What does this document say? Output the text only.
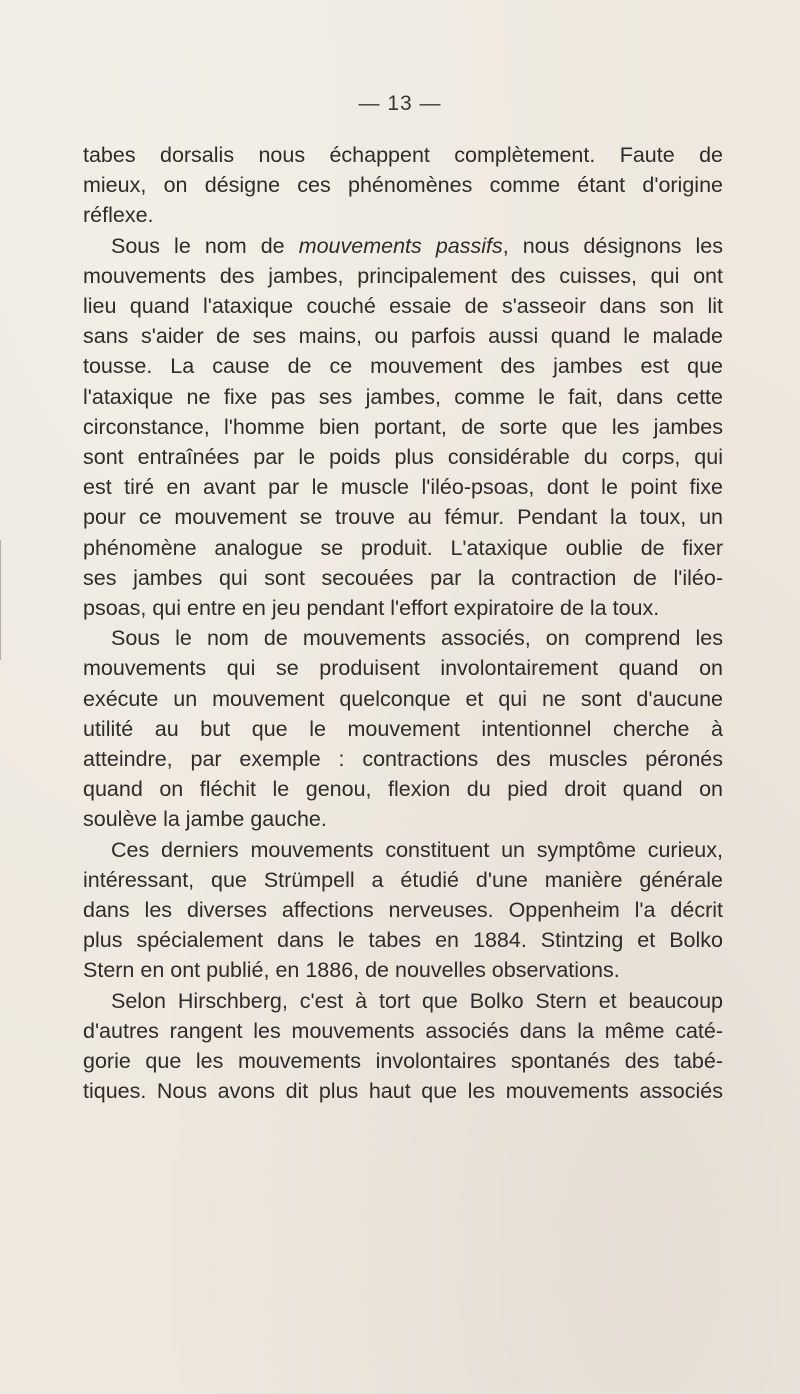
— 13 —

tabes dorsalis nous échappent complètement. Faute de
mieux, on désigne ces phénomènes comme étant d'origine
réflexe.

Sous le nom de mouvements passifs, nous désignons les
mouvements des jambes, principalement des cuisses, qui ont
lieu quand l'ataxique couché essaie de s'asseoir dans son lit
sans s'aider de ses mains, ou parfois aussi quand le malade
tousse. La cause de ce mouvement des jambes est que
l'ataxique ne fixe pas ses jambes, comme le fait, dans cette
circonstance, l'homme bien portant, de sorte que les jambes
sont entraînées par le poids plus considérable du corps, qui
est tiré en avant par le muscle l'iléo-psoas, dont le point fixe
pour ce mouvement se trouve au fémur. Pendant la toux, un
phénomène analogue se produit. L'ataxique oublie de fixer
ses jambes qui sont secouées par la contraction de l'iléo-
psoas, qui entre en jeu pendant l'effort expiratoire de la toux.

Sous le nom de mouvements associés, on comprend les
mouvements qui se produisent involontairement quand on
exécute un mouvement quelconque et qui ne sont d'aucune
utilité au but que le mouvement intentionnel cherche à
atteindre, par exemple : contractions des muscles péronés
quand on fléchit le genou, flexion du pied droit quand on
soulève la jambe gauche.

Ces derniers mouvements constituent un symptôme curieux,
intéressant, que Strümpell a étudié d'une manière générale
dans les diverses affections nerveuses. Oppenheim l'a décrit
plus spécialement dans le tabes en 1884. Stintzing et Bolko
Stern en ont publié, en 1886, de nouvelles observations.

Selon Hirschberg, c'est à tort que Bolko Stern et beaucoup
d'autres rangent les mouvements associés dans la même caté-
gorie que les mouvements involontaires spontanés des tabé-
tiques. Nous avons dit plus haut que les mouvements associés
